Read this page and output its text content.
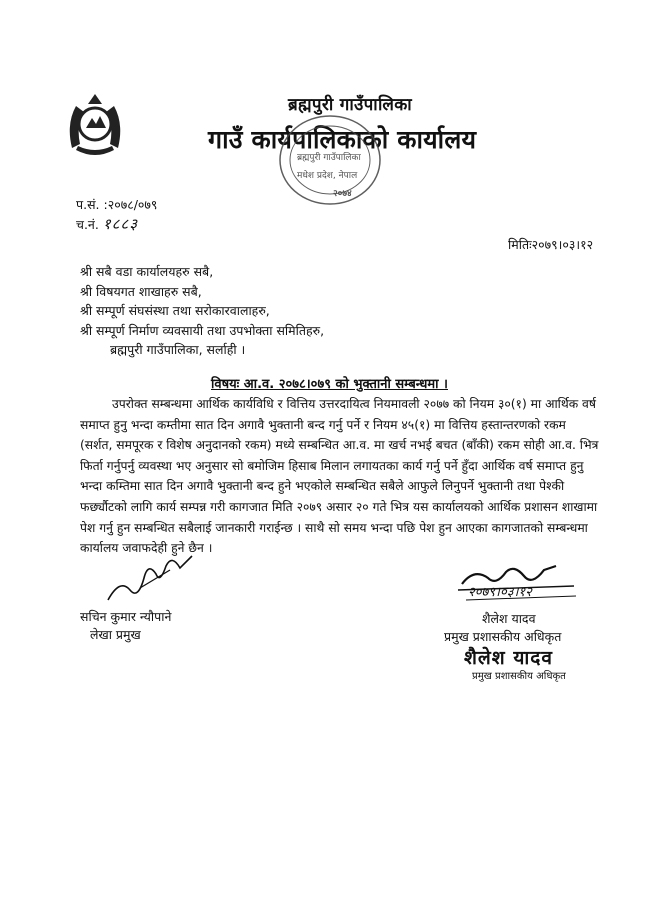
ब्रह्मपुरी गाउँपालिका
गाउँ कार्यपालिकाको कार्यालय
ब्रह्मपुरी गाउँपालिका
मधेश प्रदेश, नेपाल
२०७४
प.सं. :२०७८/०७९
च.नं. १८८३
मितिः२०७९।०३।१२
श्री सबै वडा कार्यालयहरु सबै,
श्री विषयगत शाखाहरु सबै,
श्री सम्पूर्ण संघसंस्था तथा सरोकारवालाहरु,
श्री सम्पूर्ण निर्माण व्यवसायी तथा उपभोक्ता समितिहरु,
ब्रह्मपुरी गाउँपालिका, सर्लाही ।
विषयः आ.व. २०७८।०७९ को भुक्तानी सम्बन्धमा ।
उपरोक्त सम्बन्धमा आर्थिक कार्यविधि र वित्तिय उत्तरदायित्व नियमावली २०७७ को नियम ३०(१) मा आर्थिक वर्ष समाप्त हुनु भन्दा कम्तीमा सात दिन अगावै भुक्तानी बन्द गर्नु पर्ने र नियम ४५(१) मा वित्तिय हस्तान्तरणको रकम (सर्शत, समपूरक र विशेष अनुदानको रकम) मध्ये सम्बन्धित आ.व. मा खर्च नभई बचत (बाँकी) रकम सोही आ.व. भित्र फिर्ता गर्नुपर्नु व्यवस्था भए अनुसार सो बमोजिम हिसाब मिलान लगायतका कार्य गर्नु पर्ने हुँदा आर्थिक वर्ष समाप्त हुनु भन्दा कम्तिमा सात दिन अगावै भुक्तानी बन्द हुने भएकोले सम्बन्धित सबैले आफुले लिनुपर्ने भुक्तानी तथा पेश्की फर्छ्यौटको लागि कार्य सम्पन्न गरी कागजात मिति २०७९ असार २० गते भित्र यस कार्यालयको आर्थिक प्रशासन शाखामा पेश गर्नु हुन सम्बन्धित सबैलाई जानकारी गराईन्छ । साथै सो समय भन्दा पछि पेश हुन आएका कागजातको सम्बन्धमा कार्यालय जवाफदेही हुने छैन ।
सचिन कुमार न्यौपाने
लेखा प्रमुख
२०७९।०३।१२
शैलेश यादव
प्रमुख प्रशासकीय अधिकृत
शैलेश यादव
प्रमुख प्रशासकीय अधिकृत
